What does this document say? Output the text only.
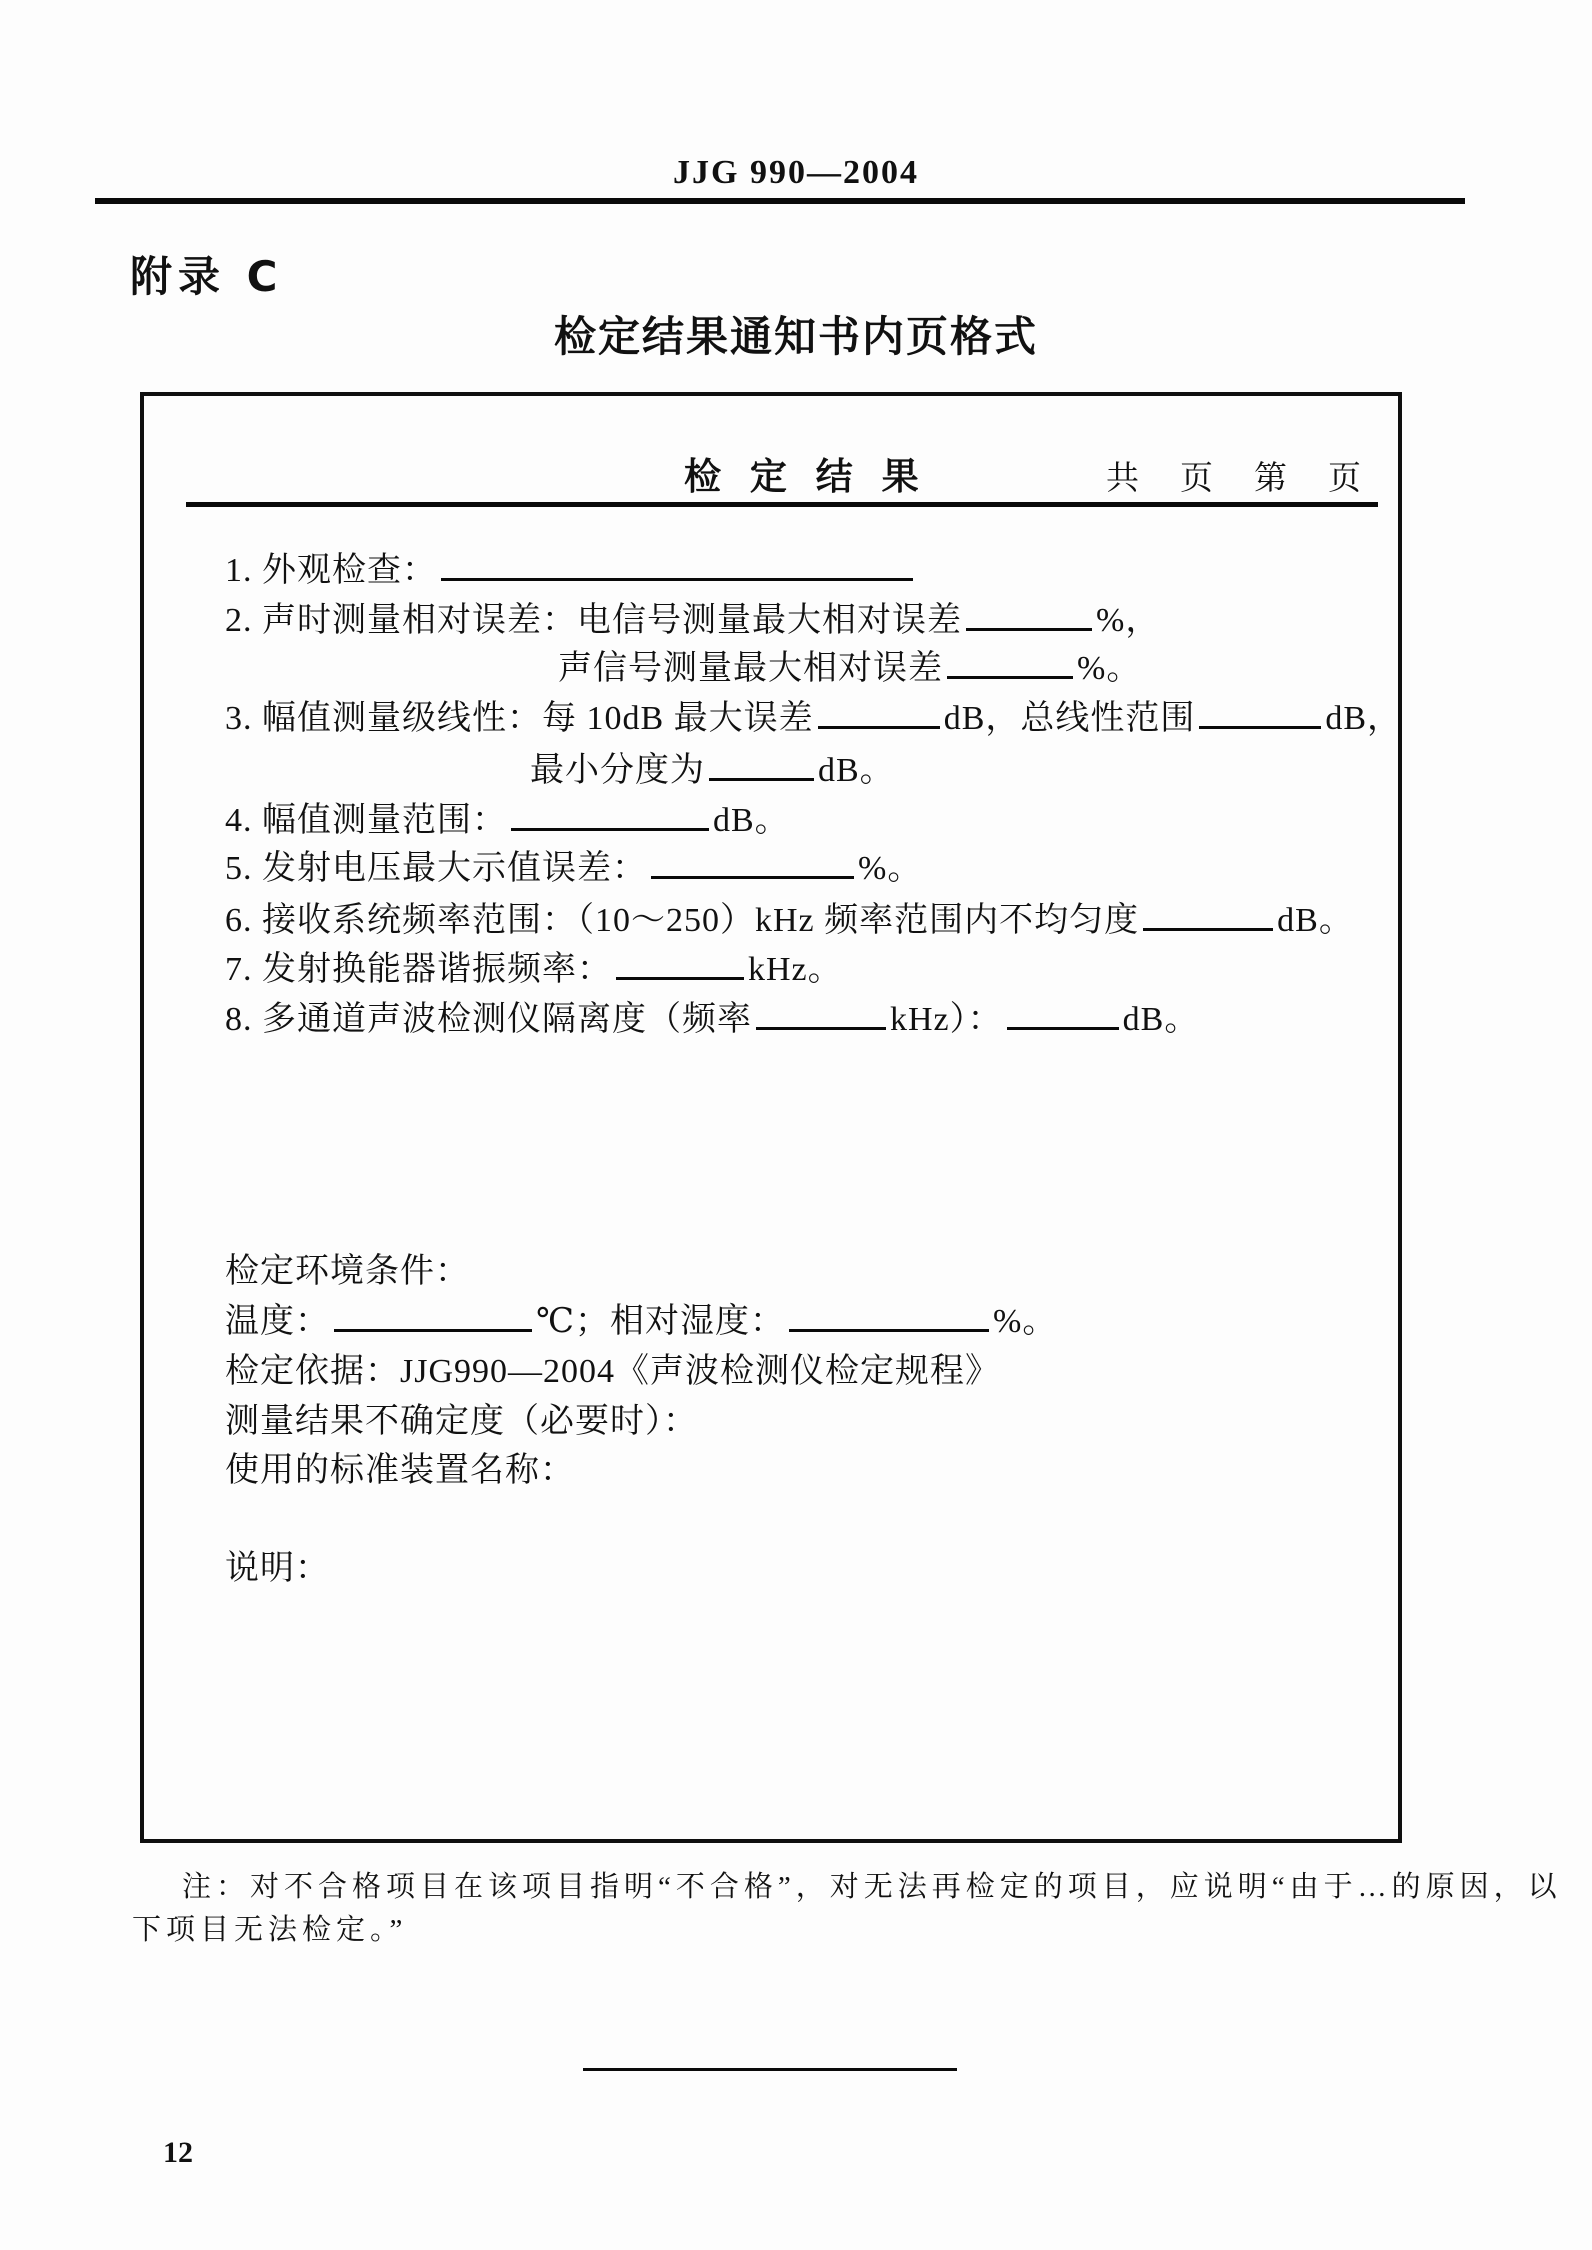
JJG 990—2004
附录 C
检定结果通知书内页格式
检 定 结 果	共　页　第　页
1. 外观检查：
2. 声时测量相对误差：电信号测量最大相对误差	%，
声信号测量最大相对误差	%。
3. 幅值测量级线性：每 10dB 最大误差	dB，总线性范围	dB，
最小分度为	dB。
4. 幅值测量范围：	dB。
5. 发射电压最大示值误差：	%。
6. 接收系统频率范围：（10～250）kHz 频率范围内不均匀度	dB。
7. 发射换能器谐振频率：	kHz。
8. 多通道声波检测仪隔离度（频率	kHz）：	dB。
检定环境条件：
温度：	℃；相对湿度：	%。
检定依据：JJG990—2004《声波检测仪检定规程》
测量结果不确定度（必要时）：
使用的标准装置名称：
说明：
注：对不合格项目在该项目指明“不合格”，对无法再检定的项目，应说明“由于…的原因，以
下项目无法检定。”
12
